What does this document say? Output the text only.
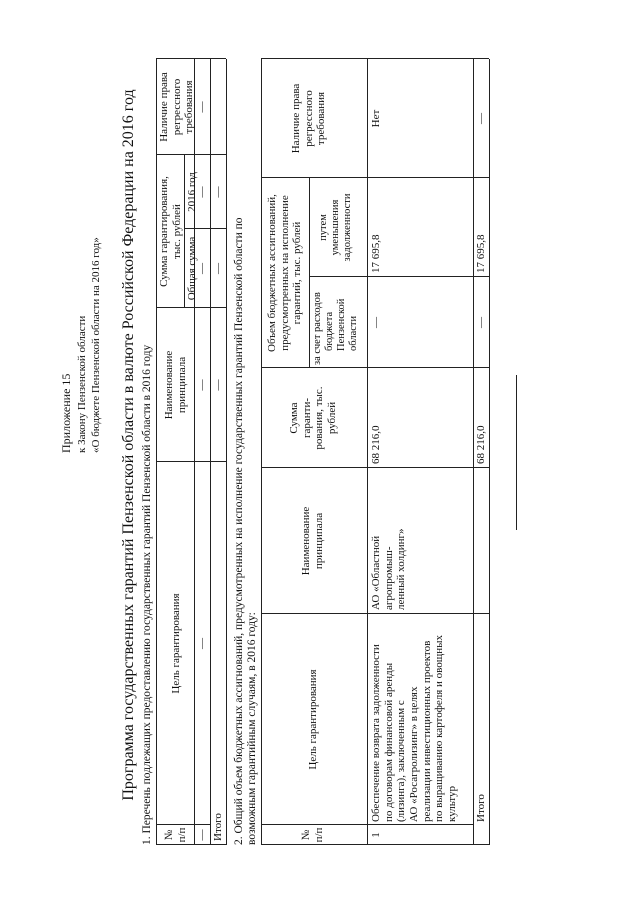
Приложение 15 к Закону Пензенской области «О бюджете Пензенской области на 2016 год» Программа государственных гарантий Пензенской области в валюте Российской Федерации на 2016 год 1. Перечень подлежащих предоставлению государственных гарантий Пензенской области в 2016 году № п/п
Цель гарантирования
Наименование принципала
Сумма гарантирования, тыс. рублей
Общая сумма
2016 год
Наличие права регрессного требования
—
—
—
—
—
—
Итого
—
—
—
2. Общий объем бюджетных ассигнований, предусмотренных на исполнение государственных гарантий Пензенской области по возможным гарантийным случаям, в 2016 году:	№ п/п
Цель гарантирования
Наименование принципала
Сумма гаранти- рования, тыс. рублей
Объем бюджетных ассигнований, предусмотренных на исполнение гарантий, тыс. рублей
за счет расходов бюджета Пензенской области
путем уменьшения задолженности
Наличие права регрессного требования
1
Обеспечение возврата задолженности по договорам финансовой аренды (лизинга), заключенным с АО «Росагролизинг» в целях реализации инвестиционных проектов по выращиванию картофеля и овощных культур
АО «Областной агропромыш- ленный холдинг»
68 216,0
—
17 695,8
Нет
Итого
68 216,0
—
17 695,8
—
